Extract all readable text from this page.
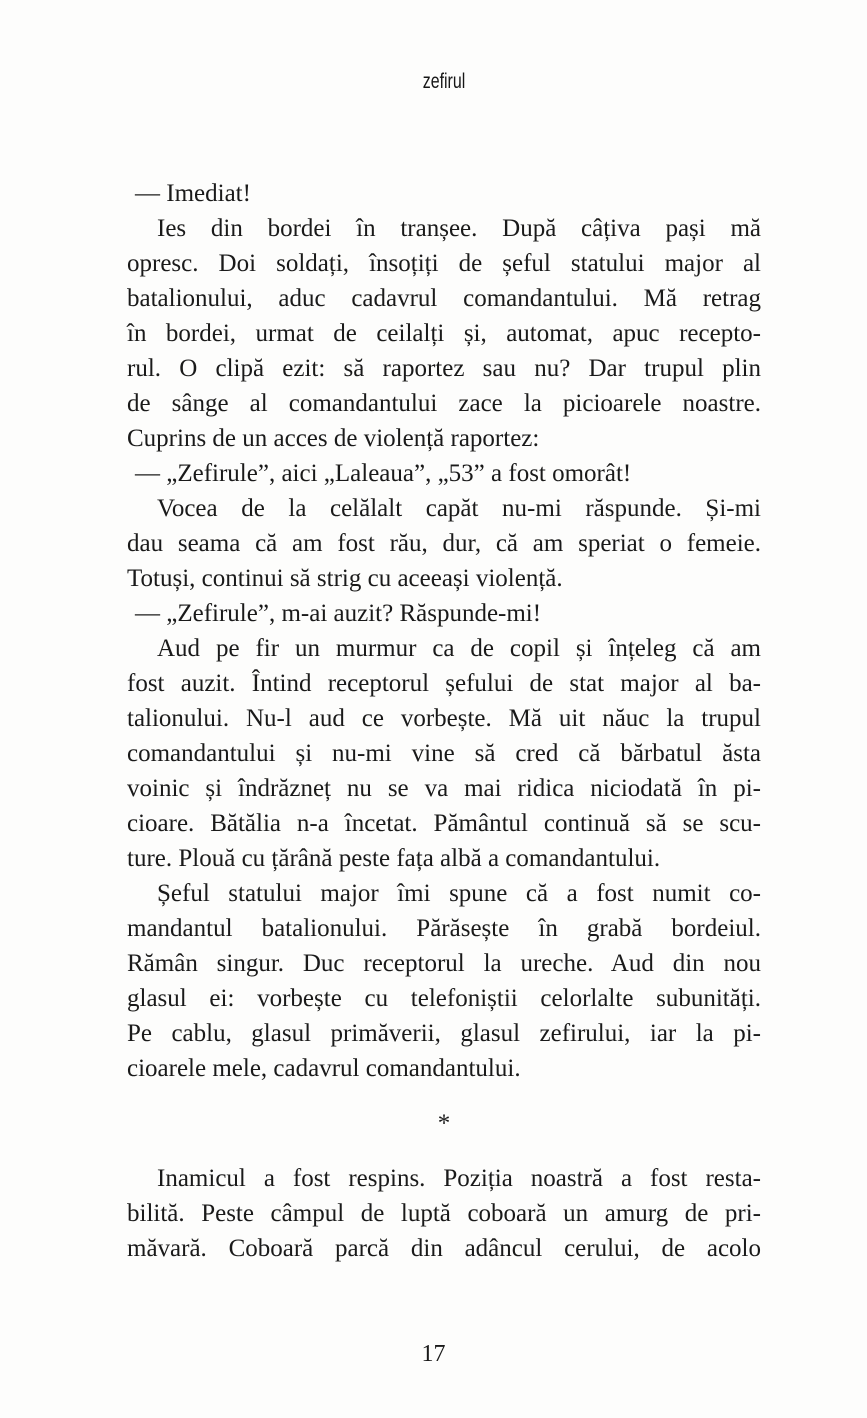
zefirul
— Imediat!
Ies din bordei în tranșee. După câțiva pași mă
opresc. Doi soldați, însoțiți de șeful statului major al
batalionului, aduc cadavrul comandantului. Mă retrag
în bordei, urmat de ceilalți și, automat, apuc recepto-
rul. O clipă ezit: să raportez sau nu? Dar trupul plin
de sânge al comandantului zace la picioarele noastre.
Cuprins de un acces de violență raportez:
— „Zefirule”, aici „Laleaua”, „53” a fost omorât!
Vocea de la celălalt capăt nu-mi răspunde. Și-mi
dau seama că am fost rău, dur, că am speriat o femeie.
Totuși, continui să strig cu aceeași violență.
— „Zefirule”, m-ai auzit? Răspunde-mi!
Aud pe fir un murmur ca de copil și înțeleg că am
fost auzit. Întind receptorul șefului de stat major al ba-
talionului. Nu-l aud ce vorbește. Mă uit năuc la trupul
comandantului și nu-mi vine să cred că bărbatul ăsta
voinic și îndrăzneț nu se va mai ridica niciodată în pi-
cioare. Bătălia n-a încetat. Pământul continuă să se scu-
ture. Plouă cu țărână peste fața albă a comandantului.
Șeful statului major îmi spune că a fost numit co-
mandantul batalionului. Părăsește în grabă bordeiul.
Rămân singur. Duc receptorul la ureche. Aud din nou
glasul ei: vorbește cu telefoniștii celorlalte subunități.
Pe cablu, glasul primăverii, glasul zefirului, iar la pi-
cioarele mele, cadavrul comandantului.
*
Inamicul a fost respins. Poziția noastră a fost resta-
bilită. Peste câmpul de luptă coboară un amurg de pri-
măvară. Coboară parcă din adâncul cerului, de acolo
17
